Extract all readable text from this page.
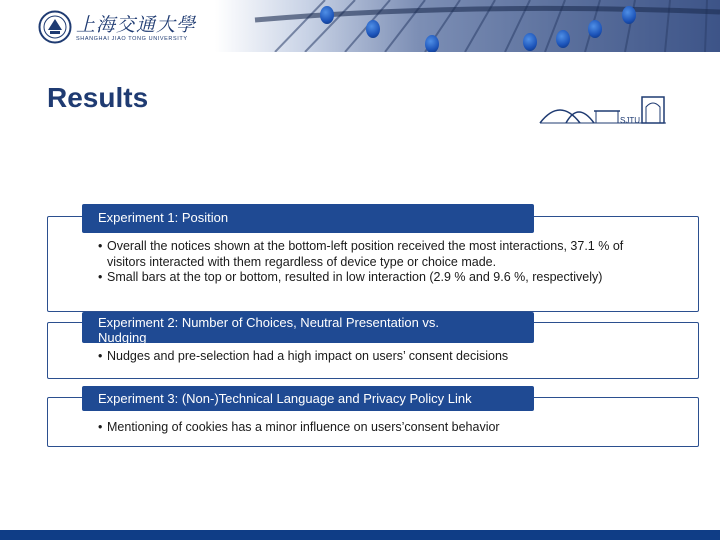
上海交通大學
SHANGHAI JIAO TONG UNIVERSITY
Results
SJTU
Experiment 1: Position
• Overall the notices shown at the bottom-left position received the most interactions, 37.1 % of visitors interacted with them regardless of device type or choice made.
• Small bars at the top or bottom, resulted in low interaction (2.9 % and 9.6 %, respectively)
Experiment 2: Number of Choices, Neutral Presentation vs. Nudging
• Nudges and pre-selection had a high impact on users’ consent decisions
Experiment 3: (Non-)Technical Language and Privacy Policy Link
• Mentioning of cookies has a minor influence on users’consent behavior
